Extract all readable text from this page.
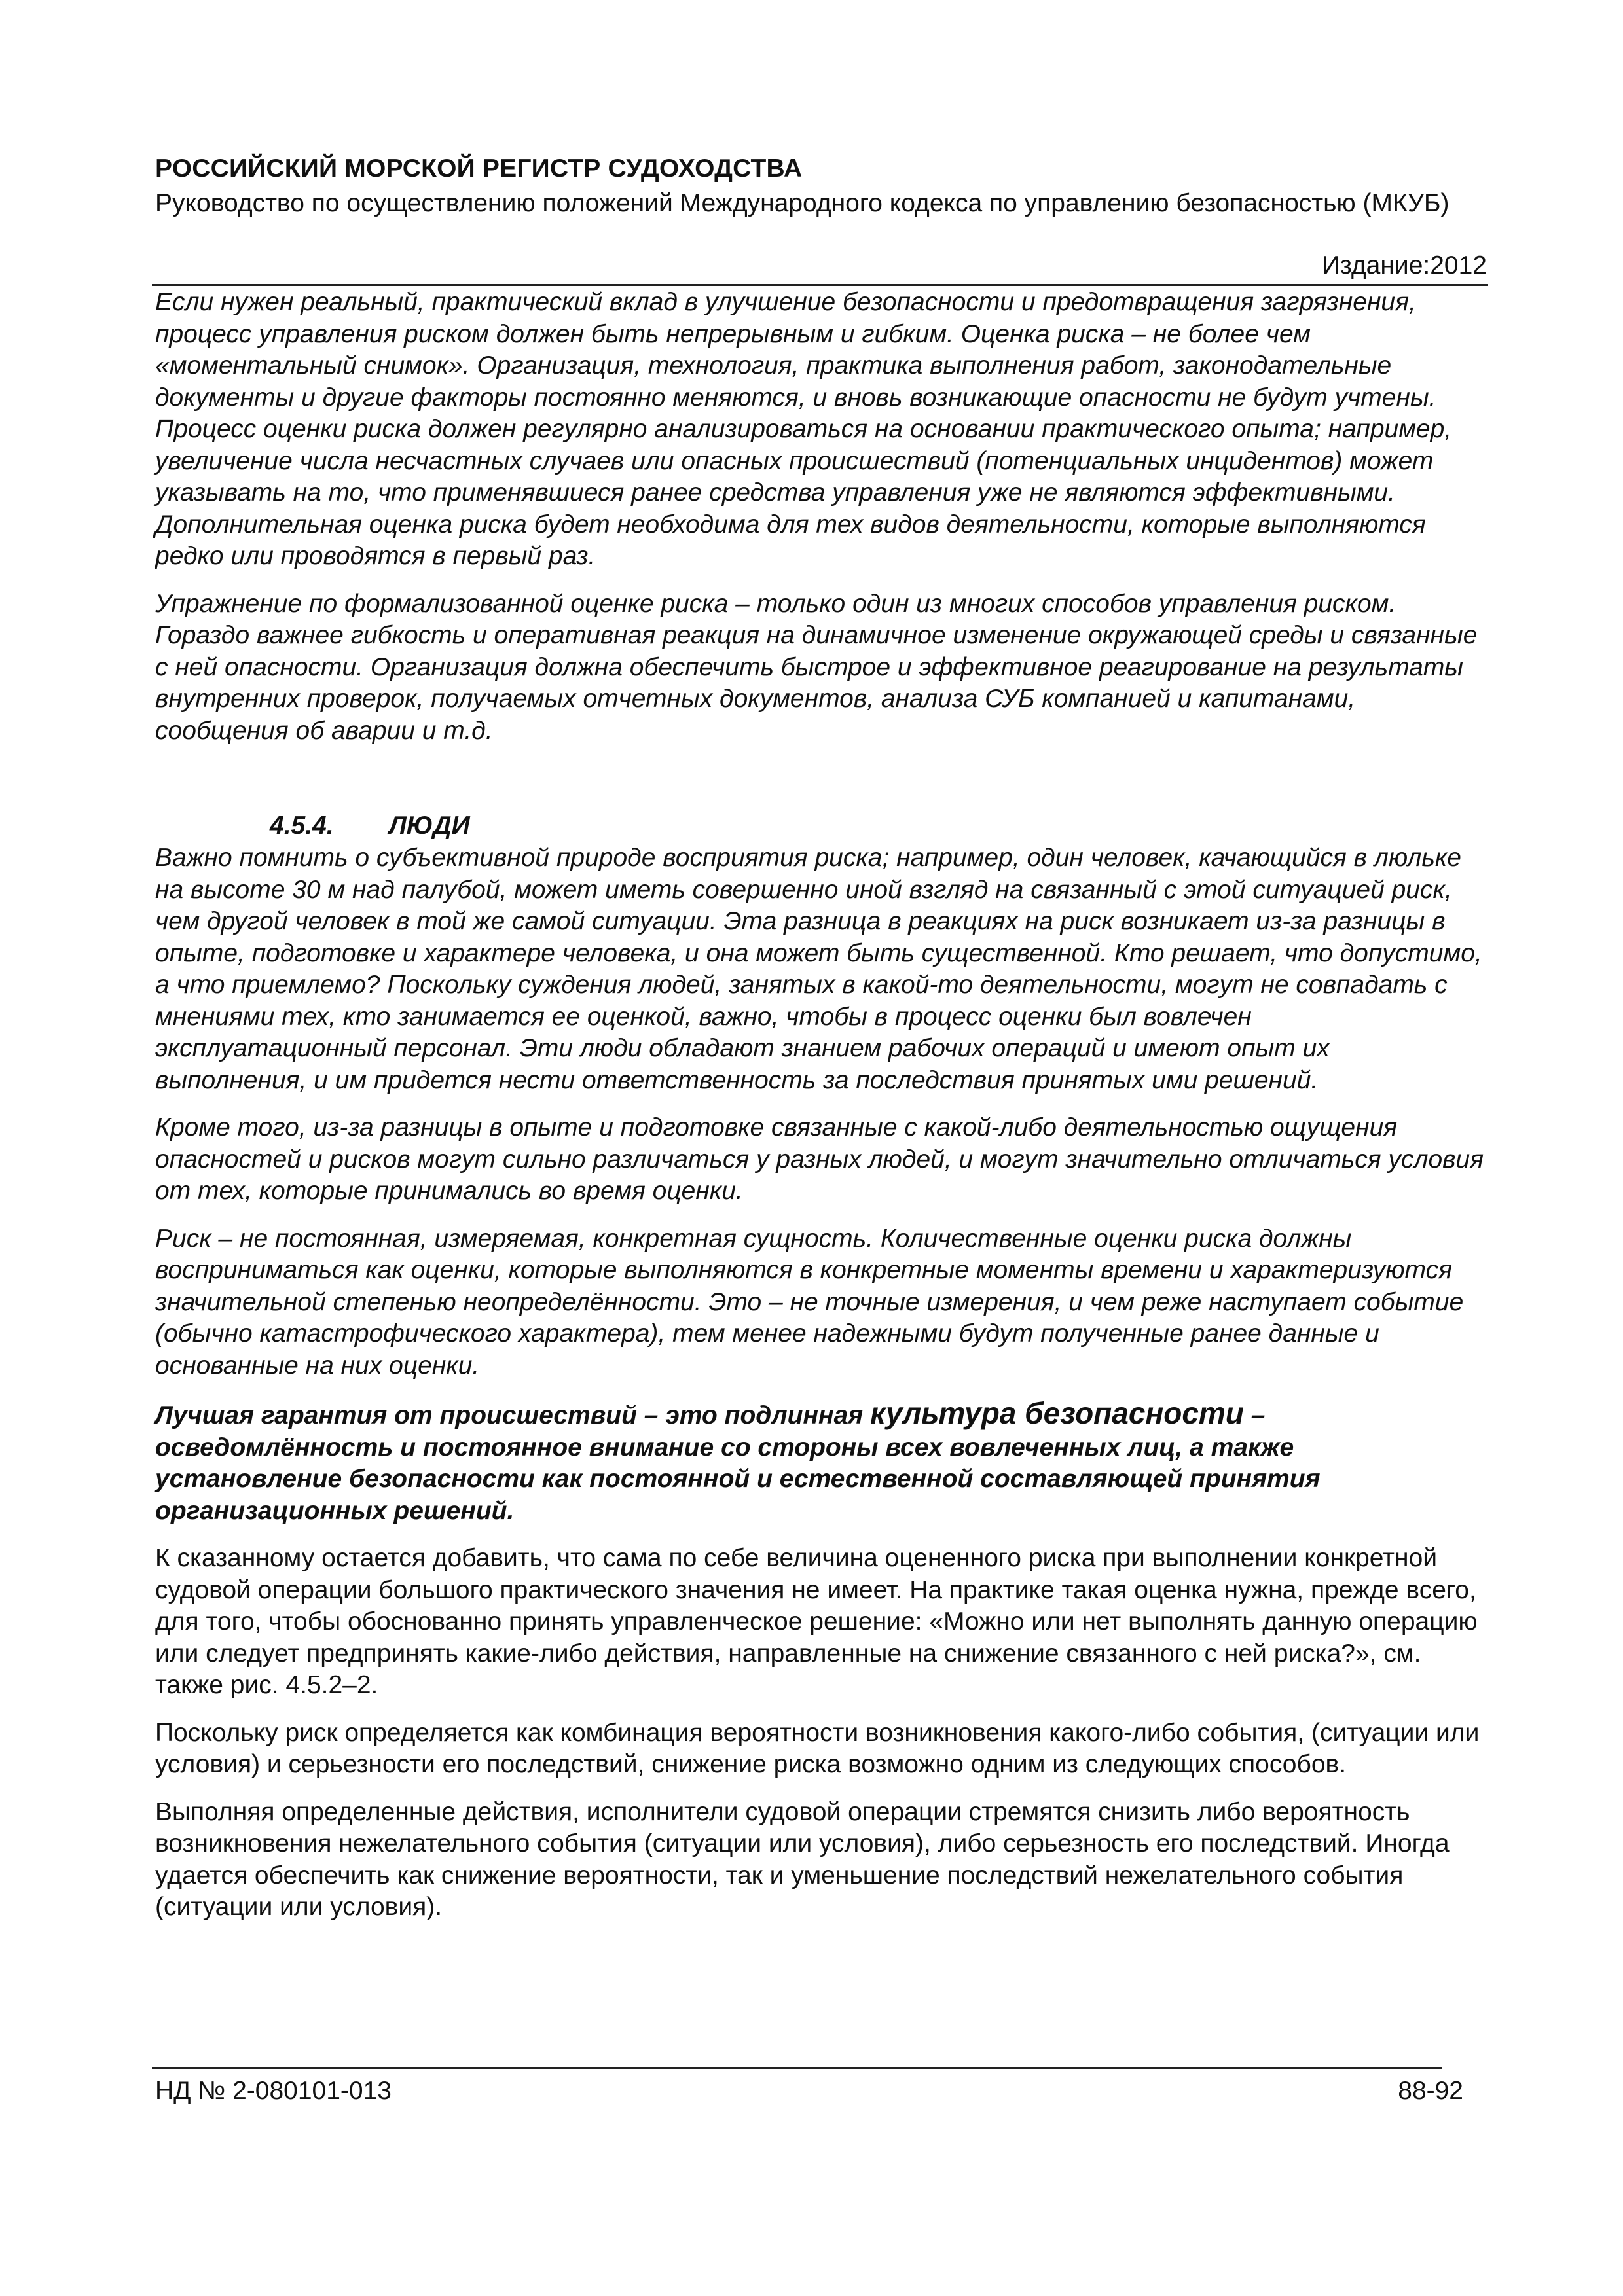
РОССИЙСКИЙ МОРСКОЙ РЕГИСТР СУДОХОДСТВА
Руководство по осуществлению положений Международного кодекса по управлению безопасностью (МКУБ)
Издание:2012

Если нужен реальный, практический вклад в улучшение безопасности и предотвращения загрязнения, процесс управления риском должен быть непрерывным и гибким. Оценка риска – не более чем «моментальный снимок». Организация, технология, практика выполнения работ, законодательные документы и другие факторы постоянно меняются, и вновь возникающие опасности не будут учтены. Процесс оценки риска должен регулярно анализироваться на основании практического опыта; например, увеличение числа несчастных случаев или опасных происшествий (потенциальных инцидентов) может указывать на то, что применявшиеся ранее средства управления уже не являются эффективными. Дополнительная оценка риска будет необходима для тех видов деятельности, которые выполняются редко или проводятся в первый раз.

Упражнение по формализованной оценке риска – только один из многих способов управления риском. Гораздо важнее гибкость и оперативная реакция на динамичное изменение окружающей среды и связанные с ней опасности. Организация должна обеспечить быстрое и эффективное реагирование на результаты внутренних проверок, получаемых отчетных документов, анализа СУБ компанией и капитанами, сообщения об аварии и т.д.

4.5.4. ЛЮДИ

Важно помнить о субъективной природе восприятия риска; например, один человек, качающийся в люльке на высоте 30 м над палубой, может иметь совершенно иной взгляд на связанный с этой ситуацией риск, чем другой человек в той же самой ситуации. Эта разница в реакциях на риск возникает из-за разницы в опыте, подготовке и характере человека, и она может быть существенной. Кто решает, что допустимо, а что приемлемо? Поскольку суждения людей, занятых в какой-то деятельности, могут не совпадать с мнениями тех, кто занимается ее оценкой, важно, чтобы в процесс оценки был вовлечен эксплуатационный персонал. Эти люди обладают знанием рабочих операций и имеют опыт их выполнения, и им придется нести ответственность за последствия принятых ими решений.

Кроме того, из-за разницы в опыте и подготовке связанные с какой-либо деятельностью ощущения опасностей и рисков могут сильно различаться у разных людей, и могут значительно отличаться условия от тех, которые принимались во время оценки.

Риск – не постоянная, измеряемая, конкретная сущность. Количественные оценки риска должны восприниматься как оценки, которые выполняются в конкретные моменты времени и характеризуются значительной степенью неопределённости. Это – не точные измерения, и чем реже наступает событие (обычно катастрофического характера), тем менее надежными будут полученные ранее данные и основанные на них оценки.

Лучшая гарантия от происшествий – это подлинная культура безопасности – осведомлённость и постоянное внимание со стороны всех вовлеченных лиц, а также установление безопасности как постоянной и естественной составляющей принятия организационных решений.

К сказанному остается добавить, что сама по себе величина оцененного риска при выполнении конкретной судовой операции большого практического значения не имеет. На практике такая оценка нужна, прежде всего, для того, чтобы обоснованно принять управленческое решение: «Можно или нет выполнять данную операцию или следует предпринять какие-либо действия, направленные на снижение связанного с ней риска?», см. также рис. 4.5.2–2.

Поскольку риск определяется как комбинация вероятности возникновения какого-либо события, (ситуации или условия) и серьезности его последствий, снижение риска возможно одним из следующих способов.

Выполняя определенные действия, исполнители судовой операции стремятся снизить либо вероятность возникновения нежелательного события (ситуации или условия), либо серьезность его последствий. Иногда удается обеспечить как снижение вероятности, так и уменьшение последствий нежелательного события (ситуации или условия).

НД № 2-080101-013	88-92
